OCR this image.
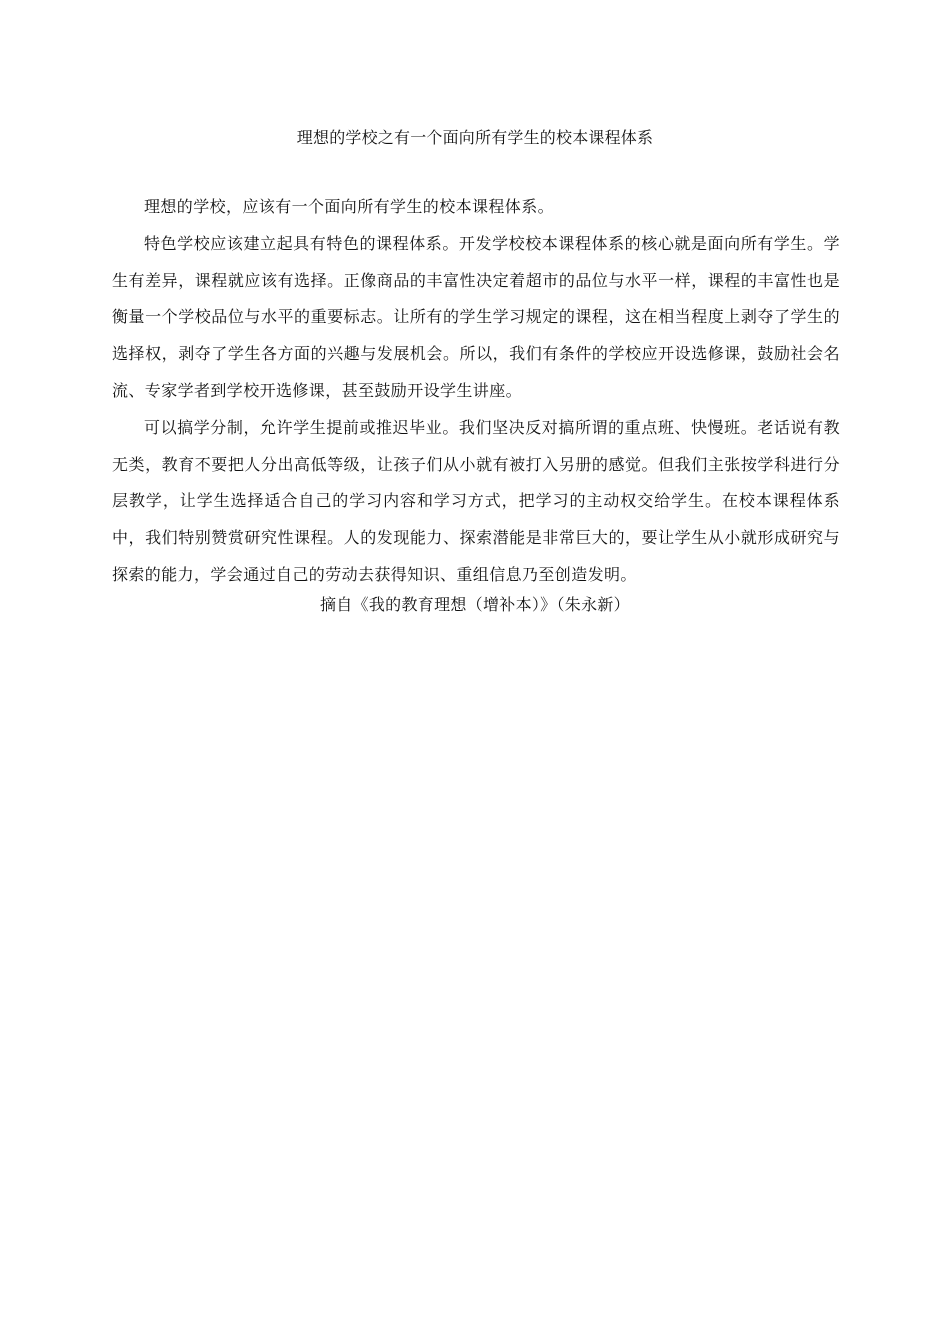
理想的学校之有一个面向所有学生的校本课程体系

理想的学校，应该有一个面向所有学生的校本课程体系。

特色学校应该建立起具有特色的课程体系。开发学校校本课程体系的核心就是面向所有学生。学生有差异，课程就应该有选择。正像商品的丰富性决定着超市的品位与水平一样，课程的丰富性也是衡量一个学校品位与水平的重要标志。让所有的学生学习规定的课程，这在相当程度上剥夺了学生的选择权，剥夺了学生各方面的兴趣与发展机会。所以，我们有条件的学校应开设选修课，鼓励社会名流、专家学者到学校开选修课，甚至鼓励开设学生讲座。

可以搞学分制，允许学生提前或推迟毕业。我们坚决反对搞所谓的重点班、快慢班。老话说有教无类，教育不要把人分出高低等级，让孩子们从小就有被打入另册的感觉。但我们主张按学科进行分层教学，让学生选择适合自己的学习内容和学习方式，把学习的主动权交给学生。在校本课程体系中，我们特别赞赏研究性课程。人的发现能力、探索潜能是非常巨大的，要让学生从小就形成研究与探索的能力，学会通过自己的劳动去获得知识、重组信息乃至创造发明。

摘自《我的教育理想（增补本）》（朱永新）
